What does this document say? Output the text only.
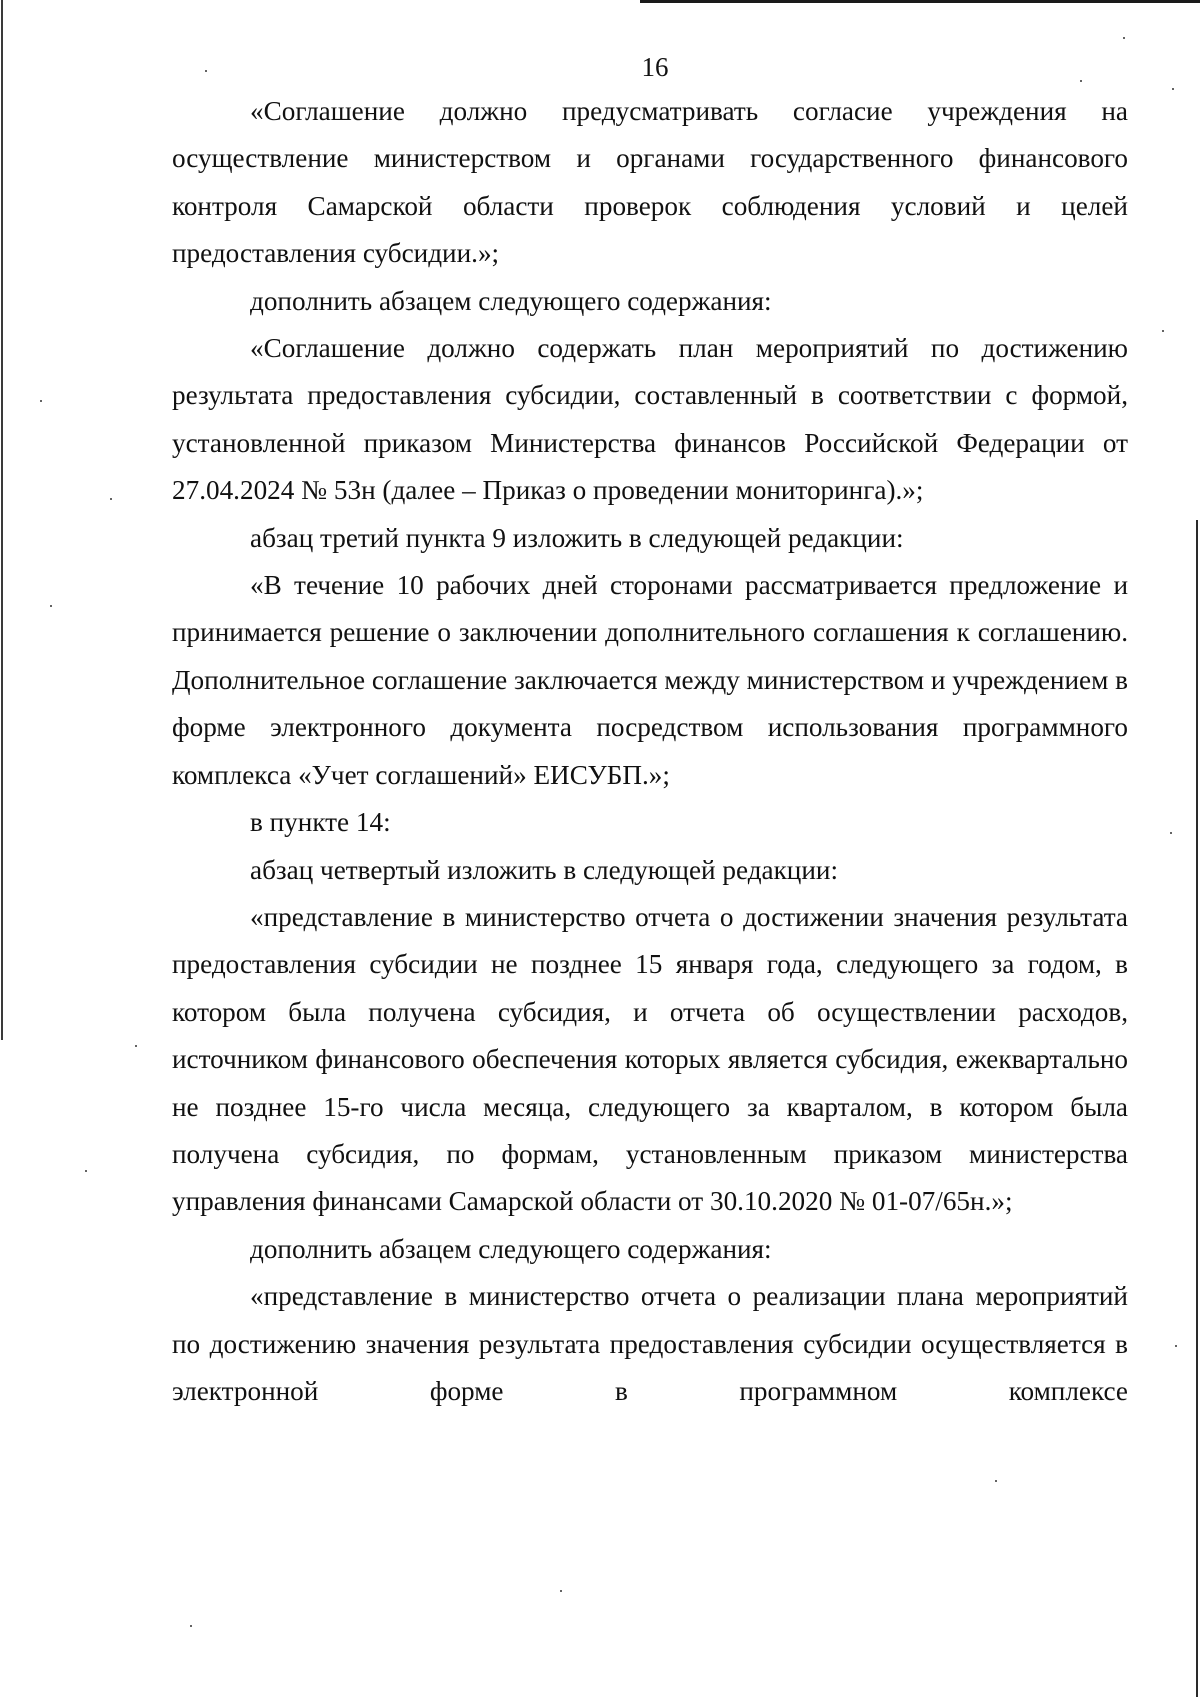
16

«Соглашение должно предусматривать согласие учреждения на осуществление министерством и органами государственного финансового контроля Самарской области проверок соблюдения условий и целей предоставления субсидии.»;

дополнить абзацем следующего содержания:

«Соглашение должно содержать план мероприятий по достижению результата предоставления субсидии, составленный в соответствии с формой, установленной приказом Министерства финансов Российской Федерации от 27.04.2024 № 53н (далее – Приказ о проведении мониторинга).»;

абзац третий пункта 9 изложить в следующей редакции:

«В течение 10 рабочих дней сторонами рассматривается предложение и принимается решение о заключении дополнительного соглашения к соглашению. Дополнительное соглашение заключается между министерством и учреждением в форме электронного документа посредством использования программного комплекса «Учет соглашений» ЕИСУБП.»;

в пункте 14:

абзац четвертый изложить в следующей редакции:

«представление в министерство отчета о достижении значения результата предоставления субсидии не позднее 15 января года, следующего за годом, в котором была получена субсидия, и отчета об осуществлении расходов, источником финансового обеспечения которых является субсидия, ежеквартально не позднее 15-го числа месяца, следующего за кварталом, в котором была получена субсидия, по формам, установленным приказом министерства управления финансами Самарской области от 30.10.2020 № 01-07/65н.»;

дополнить абзацем следующего содержания:

«представление в министерство отчета о реализации плана мероприятий по достижению значения результата предоставления субсидии осуществляется в электронной форме в программном комплексе
